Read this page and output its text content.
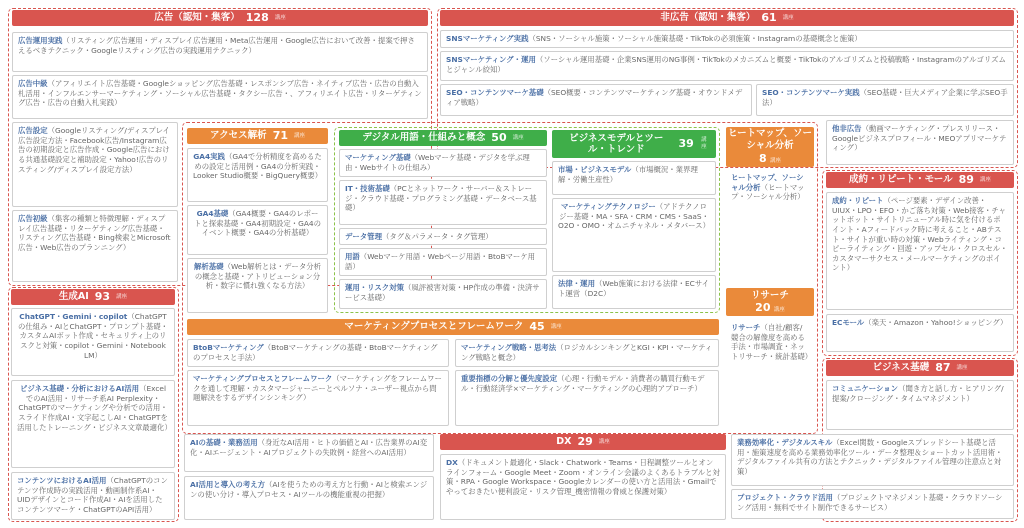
広告（認知・集客） 128 講座	非広告（認知・集客） 61 講座
生成AI 93 講座
アクセス解析 71 講座	デジタル用語・仕組みと概念 50 講座	ビジネスモデルとツール・トレンド	39 講座
ヒートマップ、ソーシャル分析
8 講座
リサーチ
20 講座
成約・リピート・モール 89 講座
ビジネス基礎 87 講座
マーケティングプロセスとフレームワーク 45 講座
DX 29 講座
広告運用実践（リスティング広告運用・ディスプレイ広告運用・Meta広告運用・Google広告において改善・提案で押さえるべきテクニック・Googleリスティング広告の実践運用テクニック）
広告中級（アフィリエイト広告基礎・Googleショッピング広告基礎・レスポンシブ広告・ネイティブ広告・広告の自動入札活用・インフルエンサーマーケティング・ソーシャル広告基礎・タクシー広告・、アフィリエイト広告・リターゲティング広告・広告の自動入札実践）
広告設定（Googleリスティング/ディスプレイ広告設定方法・Facebook広告/Instagram広告の初期設定と広告作成・Google広告における共通基礎設定と補助設定・Yahoo!広告のリスティング/ディスプレイ設定方法）
広告初級（集客の種類と特徴理解・ディスプレイ広告基礎・リターゲティング広告基礎・リスティング広告基礎・Bing検索とMicrosoft広告・Web広告のプランニング）
SNSマーケティング実践（SNS・ソーシャル施策・ソーシャル施策基礎・TikTokの必須施策・Instagramの基礎概念と施策）
SNSマーケティング・運用（ソーシャル運用基礎・企業SNS運用のNG事例・TikTokのメカニズムと概要・TikTokのアルゴリズムと投稿戦略・Instagramのアルゴリズムとジャンル絞知）
SEO・コンテンツマーケ基礎（SEO概要・コンテンツマーケティング基礎・オウンドメディア戦略）
SEO・コンテンツマーケ実践（SEO基礎・巨大メディア企業に学ぶSEO手法）
他非広告（動画マーケティング・プレスリリース・Googleビジネスプロフィール・MEOアプリマーケティング）
GA4実践（GA4で分析精度を高めるための設定と活用例・GA4の分析実践・Looker Studio概要・BigQuery概要）
GA4基礎（GA4概要・GA4のレポートと探索基礎・GA4初期設定・GA4のイベント概要・GA4の分析基礎）
解析基礎（Web解析とは・データ分析の概念と基礎・アトリビューション分析・数字に慣れ強くなる方法）
マーケティング基礎（Webマーケ基礎・デジタを学ぶ理由・Webサイトの仕組み）
IT・技術基礎（PCとネットワーク・サーバー＆ストレージ・クラウド基礎・プログラミング基礎・データベース基礎）
データ管理（タグ＆パラメータ・タグ管理）
用語（Webマーケ用語・Webページ用語・BtoBマーケ用語）
運用・リスク対策（風評被害対策・HP作成の準備・決済サービス基礎）
市場・ビジネスモデル（市場概況・業界理解・労働生産性）
マーケティングテクノロジー（アドテクノロジー基礎・MA・SFA・CRM・CMS・SaaS・O2O・OMO・オムニチャネル・メタバース）
法律・運用（Web施策における法律・ECサイト運営（D2C）
ヒートマップ、ソーシャル分析（ヒートマップ・ソーシャル分析）
リサーチ（自社/顧客/競合の解像度を高める手法・市場調査・ネットリサーチ・統計基礎）
成約・リピート（ページ要素・デザイン改善・UIUX・LPO・EFO・かご落ち対策・Web接客・チャットボット・サイトリニューアル時に気を付けるポイント・Aフィードバック時に考えること・ABテスト・サイトが重い時の対策・Webライティング・コピーライティング・回遊・アップセル・クロスセル・カスタマーサクセス・メールマーケティングのポイント）
ECモール（楽天・Amazon・Yahoo!ショッピング）
コミュニケーション（聞き方と話し方・ヒアリング/提案/クロージング・タイムマネジメント）
業務効率化・デジタルスキル（Excel関数・Googleスプレッドシート基礎と活用・施策速度を高める業務効率化ツール・データ整理＆ショートカット活用術・デジタルファイル共有の方法とテクニック・デジタルファイル管理の注意点と対策）
プロジェクト・クラウド活用（プロジェクトマネジメント基礎・クラウドソーシング活用・無料でサイト制作できるサービス）
ChatGPT・Gemini・copilot（ChatGPTの仕組み・AIとChatGPT・プロンプト基礎・カスタムAIボット作成・セキュリティ上のリスクと対策・copilot・Gemini・Notebook LM）
ビジネス基礎・分析におけるAI活用（ExcelでのAI活用・リサーチ系AI Perplexity・ChatGPTのマーケティングや分析での活用・スライド作成AI・文字起こしAI・ChatGPTを活用したトレーニング・ビジネス文章最適化）
コンテンツにおけるAI活用（ChatGPTのコンテンツ作成時の実践活用・動画制作系AI・UIDデザインとコード作成AI・AIを活用したコンテンツマーケ・ChatGPTのAPI活用）
AIの基礎・業務活用（身近なAI活用・ヒトの価値とAI・広告業界のAI変化・AIエージェント・AIプロジェクトの失敗例・経営へのAI活用）
AI活用と導入の考え方（AIを使うための考え方と行動・AIと検索エンジンの使い分け・導入プロセス・AIツールの機能重視の把握）
BtoBマーケティング（BtoBマーケティングの基礎・BtoBマーケティングのプロセスと手法）
マーケティング戦略・思考法（ロジカルシンキングとKGI・KPI・マーケティング戦略と概念）
マーケティングプロセスとフレームワーク（マーケティングをフレームワークを通して理解・カスタマージャーニーとペルソナ・ユーザー視点から問題解決をするデザインシンキング）
重要指標の分解と優先度設定（心理・行動モデル・消費者の購買行動モデル・行動経済学×マーケティング・マーケティングの心理的アプローチ）
DX（ドキュメント最適化・Slack・Chatwork・Teams・日程調整ツールとオンラインフォーム・Google Meet・Zoom・オンライン会議のよくあるトラブルと対策・RPA・Google Workspace・Googleカレンダーの使い方と活用法・Gmailでやっておきたい便利設定・リスク管理_機密情報の脅威と保護対策）
